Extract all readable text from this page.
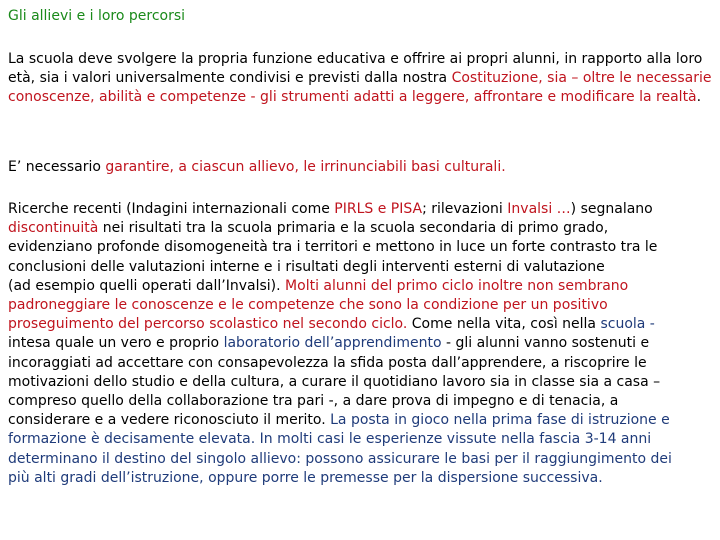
Gli allievi e i loro percorsi

La scuola deve svolgere la propria funzione educativa e offrire ai propri alunni, in rapporto alla loro età, sia i valori universalmente condivisi e previsti dalla nostra Costituzione, sia – oltre le necessarie conoscenze, abilità e competenze - gli strumenti adatti a leggere, affrontare e modificare la realtà.

E’ necessario garantire, a ciascun allievo, le irrinunciabili basi culturali.

Ricerche recenti (Indagini internazionali come PIRLS e PISA; rilevazioni Invalsi …) segnalano
discontinuità nei risultati tra la scuola primaria e la scuola secondaria di primo grado,
evidenziano profonde disomogeneità tra i territori e mettono in luce un forte contrasto tra le
conclusioni delle valutazioni interne e i risultati degli interventi esterni di valutazione
(ad esempio quelli operati dall’Invalsi). Molti alunni del primo ciclo inoltre non sembrano
padroneggiare le conoscenze e le competenze che sono la condizione per un positivo
proseguimento del percorso scolastico nel secondo ciclo. Come nella vita, così nella scuola -
intesa quale un vero e proprio laboratorio dell’apprendimento - gli alunni vanno sostenuti e
incoraggiati ad accettare con consapevolezza la sfida posta dall’apprendere, a riscoprire le
motivazioni dello studio e della cultura, a curare il quotidiano lavoro sia in classe sia a casa –
compreso quello della collaborazione tra pari -, a dare prova di impegno e di tenacia, a
considerare e a vedere riconosciuto il merito. La posta in gioco nella prima fase di istruzione e
formazione è decisamente elevata. In molti casi le esperienze vissute nella fascia 3-14 anni
determinano il destino del singolo allievo: possono assicurare le basi per il raggiungimento dei
più alti gradi dell’istruzione, oppure porre le premesse per la dispersione successiva.
